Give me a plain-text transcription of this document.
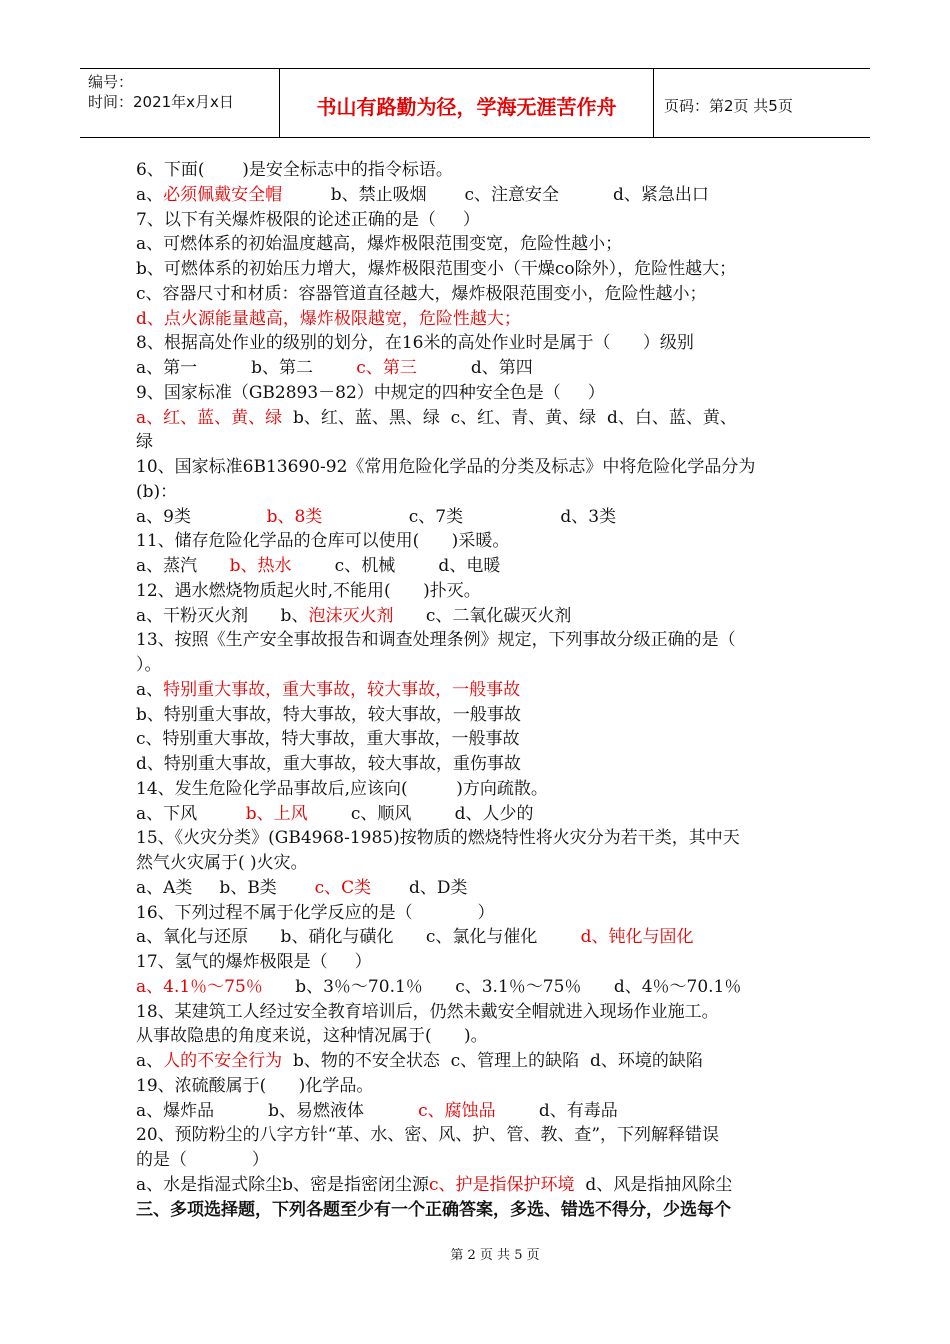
编号：
时间：2021年x月x日	书山有路勤为径，学海无涯苦作舟	页码：第2页 共5页
6、下面(       )是安全标志中的指令标语。
a、必须佩戴安全帽         b、禁止吸烟       c、注意安全          d、紧急出口
7、以下有关爆炸极限的论述正确的是（     ）
a、可燃体系的初始温度越高，爆炸极限范围变宽，危险性越小；
b、可燃体系的初始压力增大，爆炸极限范围变小（干燥co除外），危险性越大；
c、容器尺寸和材质：容器管道直径越大，爆炸极限范围变小，危险性越小；
d、点火源能量越高，爆炸极限越宽，危险性越大；
8、根据高处作业的级别的划分，在16米的高处作业时是属于（      ）级别
a、第一          b、第二        c、第三          d、第四
9、国家标准（GB2893－82）中规定的四种安全色是（     ）
a、红、蓝、黄、绿  b、红、蓝、黑、绿  c、红、青、黄、绿  d、白、蓝、黄、
绿
10、国家标准6B13690-92《常用危险化学品的分类及标志》中将危险化学品分为
(b)：
a、9类              b、8类                c、7类                  d、3类
11、储存危险化学品的仓库可以使用(      )采暖。
a、蒸汽      b、热水        c、机械        d、电暖
12、遇水燃烧物质起火时,不能用(      )扑灭。
a、干粉灭火剂      b、泡沫灭火剂      c、二氧化碳灭火剂
13、按照《生产安全事故报告和调查处理条例》规定，下列事故分级正确的是（
）。
a、特别重大事故，重大事故，较大事故，一般事故
b、特别重大事故，特大事故，较大事故，一般事故
c、特别重大事故，特大事故，重大事故，一般事故
d、特别重大事故，重大事故，较大事故，重伤事故
14、发生危险化学品事故后,应该向(         )方向疏散。
a、下风         b、上风        c、顺风        d、人少的
15、《火灾分类》(GB4968-1985)按物质的燃烧特性将火灾分为若干类，其中天
然气火灾属于( )火灾。
a、A类     b、B类       c、C类       d、D类
16、下列过程不属于化学反应的是（            ）
a、氧化与还原      b、硝化与磺化      c、氯化与催化        d、钝化与固化
17、氢气的爆炸极限是（     ）
a、4.1％～75％      b、3％～70.1％      c、3.1％～75％      d、4％～70.1％
18、某建筑工人经过安全教育培训后，仍然未戴安全帽就进入现场作业施工。
从事故隐患的角度来说，这种情况属于(      )。
a、人的不安全行为  b、物的不安全状态  c、管理上的缺陷  d、环境的缺陷
19、浓硫酸属于(      )化学品。
a、爆炸品          b、易燃液体          c、腐蚀品        d、有毒品
20、预防粉尘的八字方针“革、水、密、风、护、管、教、查”，下列解释错误
的是（            ）
a、水是指湿式除尘b、密是指密闭尘源c、护是指保护环境  d、风是指抽风除尘
三、多项选择题，下列各题至少有一个正确答案，多选、错选不得分，少选每个
第 2 页 共 5 页
